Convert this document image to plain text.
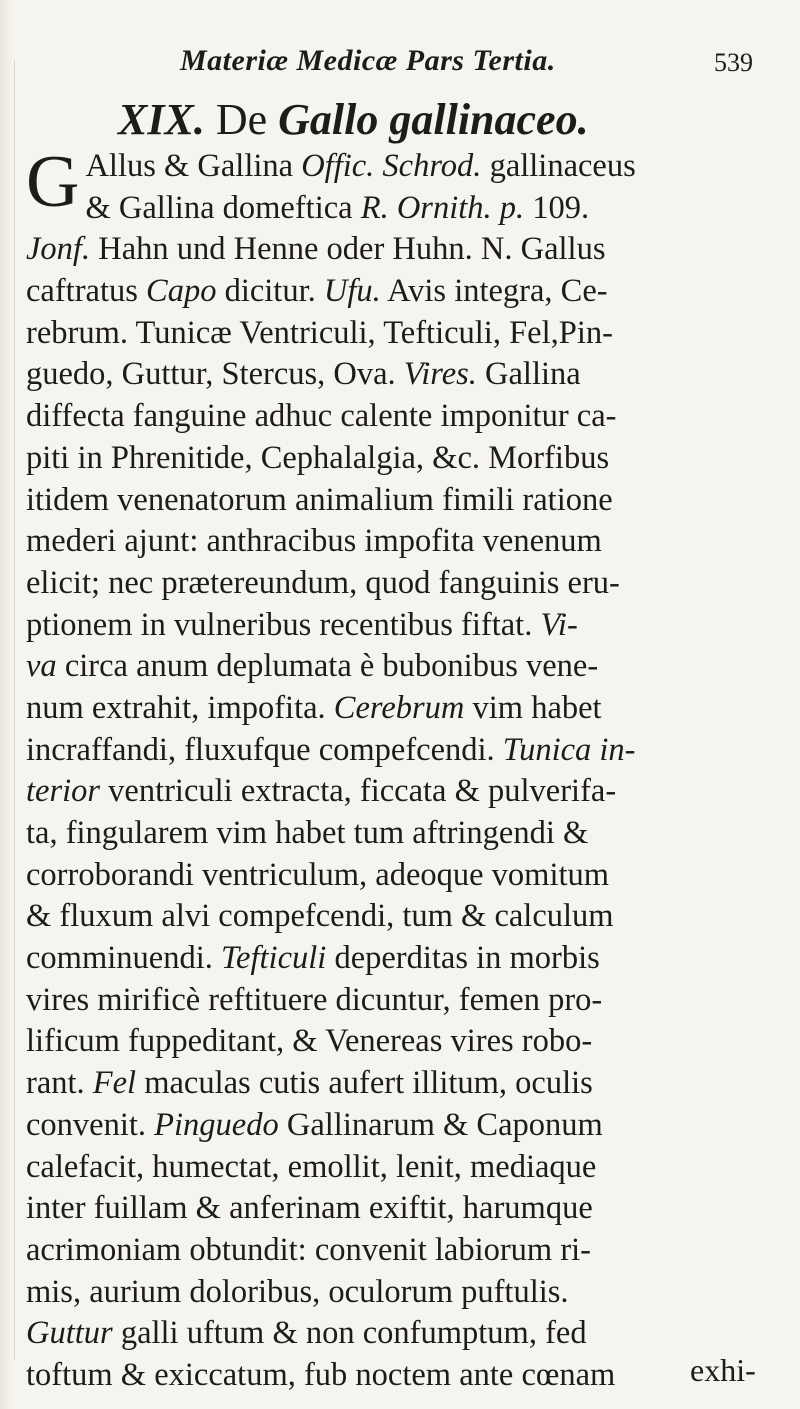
Materiæ Medicæ Pars Tertia.	539
XIX. De Gallo gallinaceo.
G Allus & Gallina Offic. Schrod. gallinaceus
& Gallina domeftica R. Ornith. p. 109.
Jonf. Hahn und Henne oder Huhn. N. Gallus
caftratus Capo dicitur. Ufu. Avis integra, Ce-
rebrum. Tunicæ Ventriculi, Tefticuli, Fel,Pin-
guedo, Guttur, Stercus, Ova. Vires. Gallina
diffecta fanguine adhuc calente imponitur ca-
piti in Phrenitide, Cephalalgia, &c. Morfibus
itidem venenatorum animalium fimili ratione
mederi ajunt: anthracibus impofita venenum
elicit; nec prætereundum, quod fanguinis eru-
ptionem in vulneribus recentibus fiftat. Vi-
va circa anum deplumata è bubonibus vene-
num extrahit, impofita. Cerebrum vim habet
incraffandi, fluxufque compefcendi. Tunica in-
terior ventriculi extracta, ficcata & pulverifa-
ta, fingularem vim habet tum aftringendi &
corroborandi ventriculum, adeoque vomitum
& fluxum alvi compefcendi, tum & calculum
comminuendi. Tefticuli deperditas in morbis
vires mirificè reftituere dicuntur, femen pro-
lificum fuppeditant, & Venereas vires robo-
rant. Fel maculas cutis aufert illitum, oculis
convenit. Pinguedo Gallinarum & Caponum
calefacit, humectat, emollit, lenit, mediaque
inter fuillam & anferinam exiftit, harumque
acrimoniam obtundit: convenit labiorum ri-
mis, aurium doloribus, oculorum puftulis.
Guttur galli uftum & non confumptum, fed
toftum & exiccatum, fub noctem ante cœnam	exhi-
